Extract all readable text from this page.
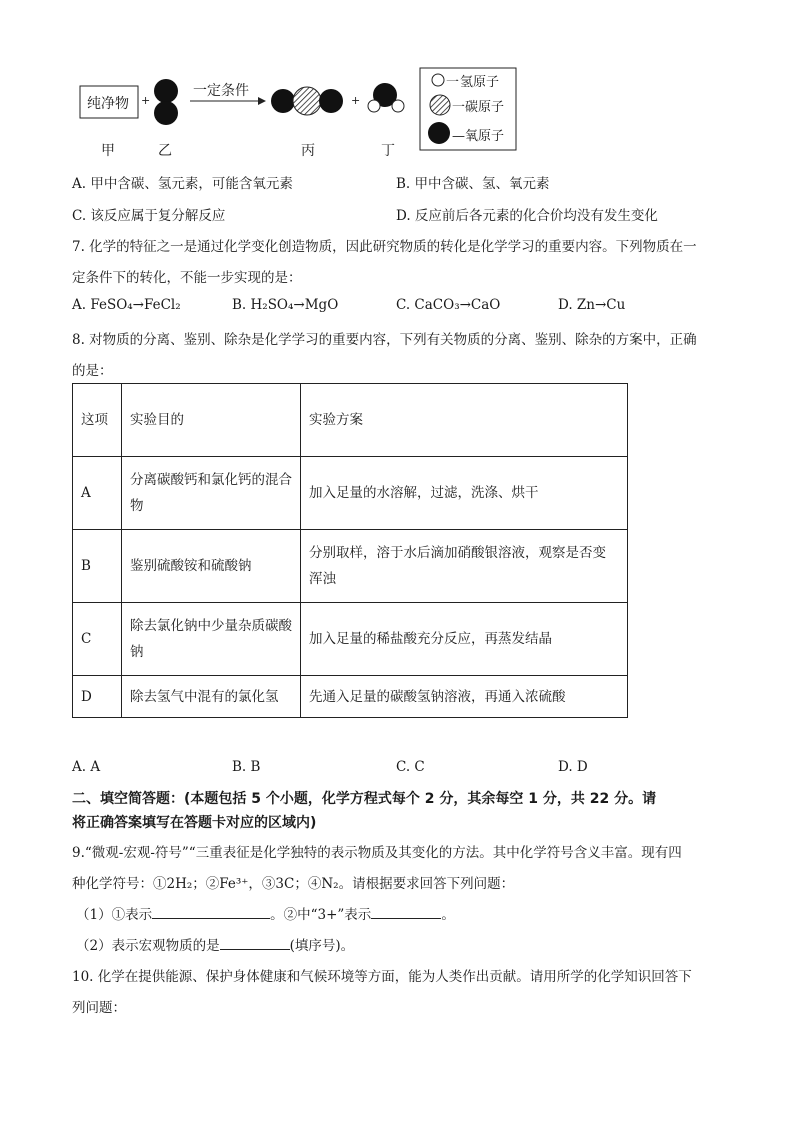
纯净物 +
一定条件
+
一 氢原子
一碳原子
—氧原子
甲	乙	丙	丁
A. 甲中含碳、氢元素，可能含氧元素	B. 甲中含碳、氢、氧元素
C. 该反应属于复分解反应	D. 反应前后各元素的化合价均没有发生变化
7. 化学的特征之一是通过化学变化创造物质，因此研究物质的转化是化学学习的重要内容。下列物质在一
定条件下的转化，不能一步实现的是：
A. FeSO₄→FeCl₂	B. H₂SO₄→MgO	C. CaCO₃→CaO	D. Zn→Cu
8. 对物质的分离、鉴别、除杂是化学学习的重要内容，下列有关物质的分离、鉴别、除杂的方案中，正确
的是：
这项	实验目的	实验方案
A	分离碳酸钙和氯化钙的混合物	加入足量的水溶解，过滤，洗涤、烘干
B	鉴别硫酸铵和硫酸钠	分别取样，溶于水后滴加硝酸银溶液，观察是否变浑浊
C	除去氯化钠中少量杂质碳酸钠	加入足量的稀盐酸充分反应，再蒸发结晶
D	除去氢气中混有的氯化氢	先通入足量的碳酸氢钠溶液，再通入浓硫酸
A. A	B. B	C. C	D. D
二、填空简答题：(本题包括 5 个小题，化学方程式每个 2 分，其余每空 1 分，共 22 分。请
将正确答案填写在答题卡对应的区域内)
9.“微观-宏观-符号”“三重表征是化学独特的表示物质及其变化的方法。其中化学符号含义丰富。现有四
种化学符号：①2H₂；②Fe³⁺，③3C；④N₂。请根据要求回答下列问题：
（1）①表示	。②中“3+”表示	。
（2）表示宏观物质的是	(填序号)。
10. 化学在提供能源、保护身体健康和气候环境等方面，能为人类作出贡献。请用所学的化学知识回答下
列问题：
